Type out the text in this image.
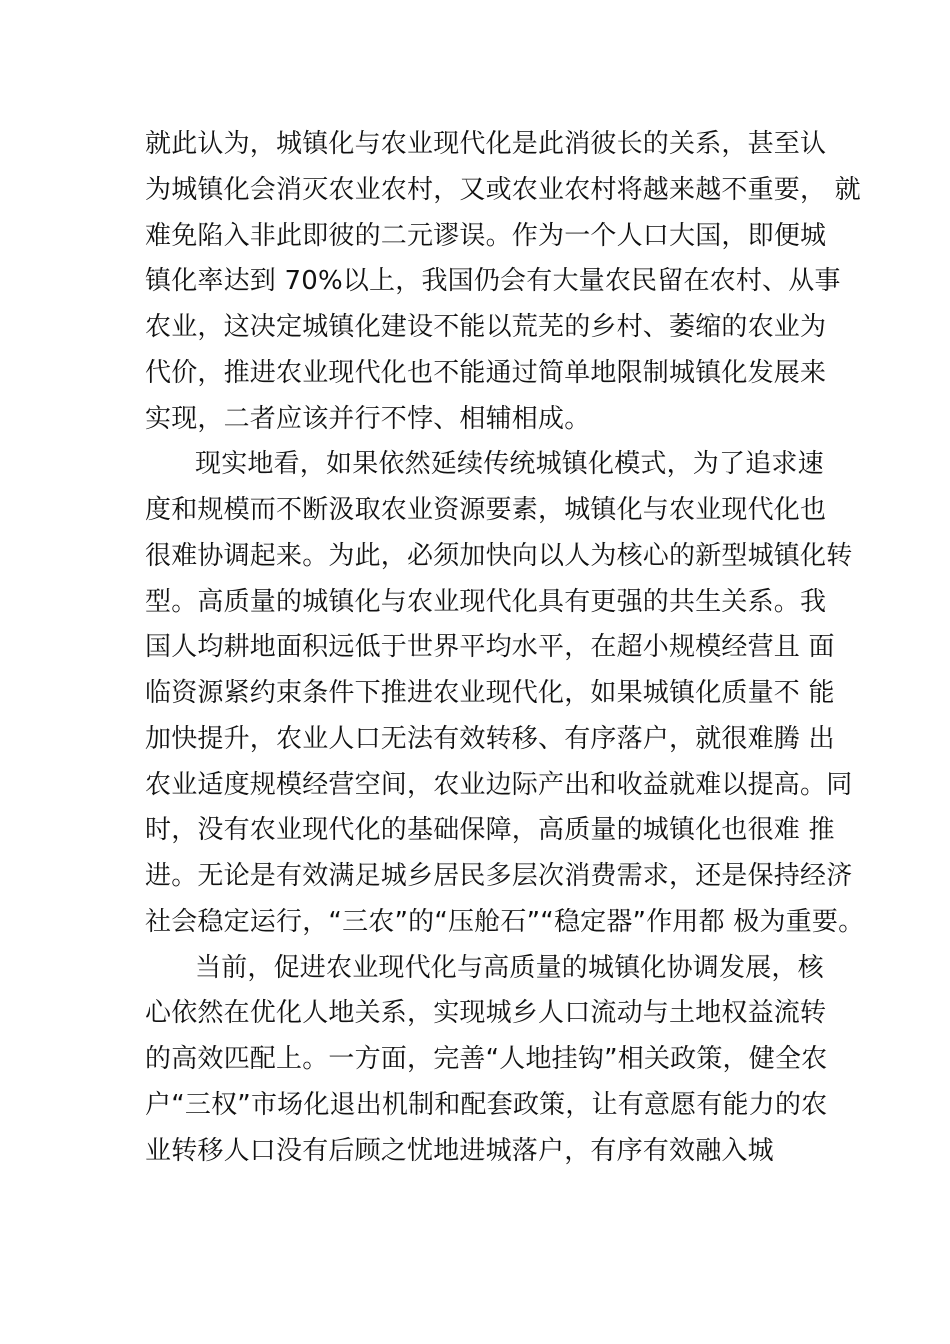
就此认为，城镇化与农业现代化是此消彼长的关系，甚至认
为城镇化会消灭农业农村，又或农业农村将越来越不重要， 就
难免陷入非此即彼的二元谬误。作为一个人口大国，即便城
镇化率达到 70%以上，我国仍会有大量农民留在农村、从事
农业，这决定城镇化建设不能以荒芜的乡村、萎缩的农业为
代价，推进农业现代化也不能通过简单地限制城镇化发展来
实现，二者应该并行不悖、相辅相成。
现实地看，如果依然延续传统城镇化模式，为了追求速
度和规模而不断汲取农业资源要素，城镇化与农业现代化也
很难协调起来。为此，必须加快向以人为核心的新型城镇化转
型。高质量的城镇化与农业现代化具有更强的共生关系。我
国人均耕地面积远低于世界平均水平，在超小规模经营且 面
临资源紧约束条件下推进农业现代化，如果城镇化质量不 能
加快提升，农业人口无法有效转移、有序落户，就很难腾 出
农业适度规模经营空间，农业边际产出和收益就难以提高。同
时，没有农业现代化的基础保障，高质量的城镇化也很难 推
进。无论是有效满足城乡居民多层次消费需求，还是保持经济
社会稳定运行，“三农”的“压舱石”“稳定器”作用都 极为重要。
当前，促进农业现代化与高质量的城镇化协调发展，核
心依然在优化人地关系，实现城乡人口流动与土地权益流转
的高效匹配上。一方面，完善“人地挂钩”相关政策，健全农
户“三权”市场化退出机制和配套政策，让有意愿有能力的农
业转移人口没有后顾之忧地进城落户，有序有效融入城
